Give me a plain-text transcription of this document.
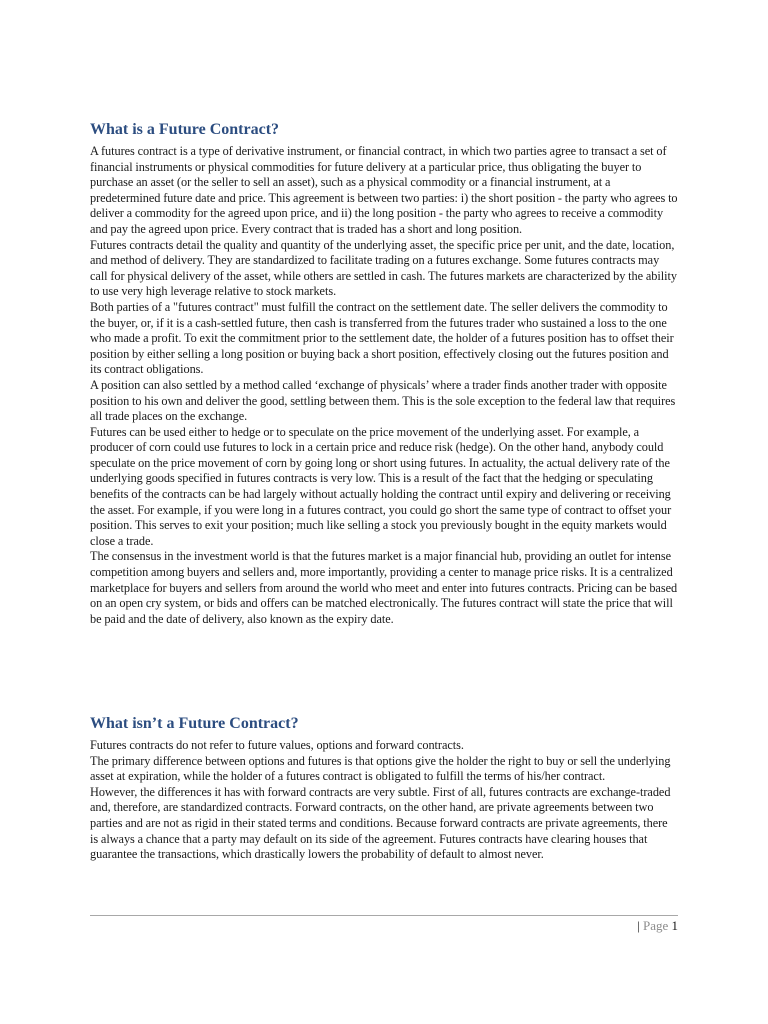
What is a Future Contract?

A futures contract is a type of derivative instrument, or financial contract, in which two parties agree to transact a set of financial instruments or physical commodities for future delivery at a particular price, thus obligating the buyer to purchase an asset (or the seller to sell an asset), such as a physical commodity or a financial instrument, at a predetermined future date and price. This agreement is between two parties: i) the short position - the party who agrees to deliver a commodity for the agreed upon price, and ii) the long position - the party who agrees to receive a commodity and pay the agreed upon price. Every contract that is traded has a short and long position.

Futures contracts detail the quality and quantity of the underlying asset, the specific price per unit, and the date, location, and method of delivery. They are standardized to facilitate trading on a futures exchange. Some futures contracts may call for physical delivery of the asset, while others are settled in cash. The futures markets are characterized by the ability to use very high leverage relative to stock markets.

Both parties of a "futures contract" must fulfill the contract on the settlement date. The seller delivers the commodity to the buyer, or, if it is a cash-settled future, then cash is transferred from the futures trader who sustained a loss to the one who made a profit. To exit the commitment prior to the settlement date, the holder of a futures position has to offset their position by either selling a long position or buying back a short position, effectively closing out the futures position and its contract obligations.

A position can also settled by a method called ‘exchange of physicals’ where a trader finds another trader with opposite position to his own and deliver the good, settling between them. This is the sole exception to the federal law that requires all trade places on the exchange.

Futures can be used either to hedge or to speculate on the price movement of the underlying asset. For example, a producer of corn could use futures to lock in a certain price and reduce risk (hedge). On the other hand, anybody could speculate on the price movement of corn by going long or short using futures. In actuality, the actual delivery rate of the underlying goods specified in futures contracts is very low. This is a result of the fact that the hedging or speculating benefits of the contracts can be had largely without actually holding the contract until expiry and delivering or receiving the asset. For example, if you were long in a futures contract, you could go short the same type of contract to offset your position. This serves to exit your position; much like selling a stock you previously bought in the equity markets would close a trade.

The consensus in the investment world is that the futures market is a major financial hub, providing an outlet for intense competition among buyers and sellers and, more importantly, providing a center to manage price risks. It is a centralized marketplace for buyers and sellers from around the world who meet and enter into futures contracts. Pricing can be based on an open cry system, or bids and offers can be matched electronically. The futures contract will state the price that will be paid and the date of delivery, also known as the expiry date.

What isn’t a Future Contract?

Futures contracts do not refer to future values, options and forward contracts.

The primary difference between options and futures is that options give the holder the right to buy or sell the underlying asset at expiration, while the holder of a futures contract is obligated to fulfill the terms of his/her contract.

However, the differences it has with forward contracts are very subtle. First of all, futures contracts are exchange-traded and, therefore, are standardized contracts. Forward contracts, on the other hand, are private agreements between two parties and are not as rigid in their stated terms and conditions. Because forward contracts are private agreements, there is always a chance that a party may default on its side of the agreement. Futures contracts have clearing houses that guarantee the transactions, which drastically lowers the probability of default to almost never.

| Page 1
